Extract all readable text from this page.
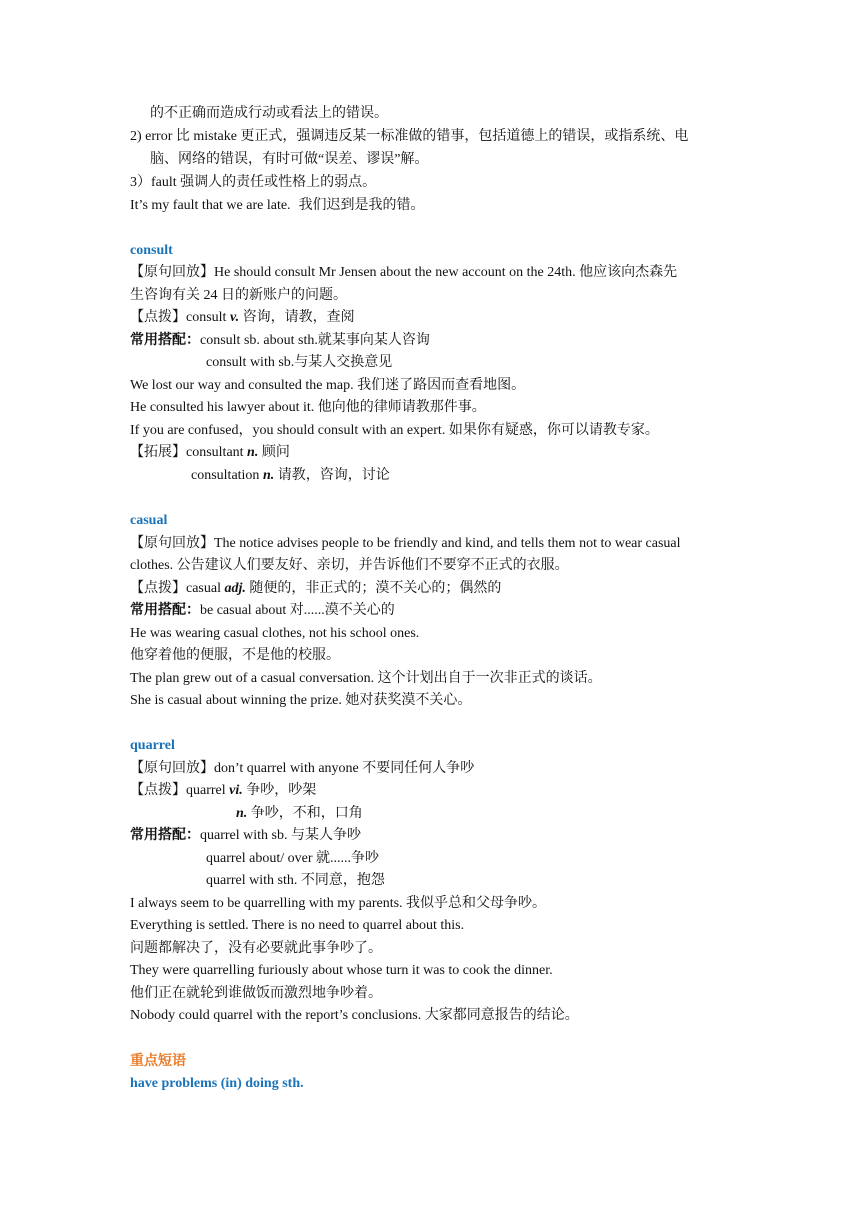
的不正确而造成行动或看法上的错误。
2) error 比 mistake 更正式，强调违反某一标准做的错事，包括道德上的错误，或指系统、电
脑、网络的错误，有时可做“误差、谬误”解。
3）fault 强调人的责任或性格上的弱点。
It’s my fault that we are late. 我们迟到是我的错。
consult
【原句回放】He should consult Mr Jensen about the new account on the 24th. 他应该向杰森先
生咨询有关 24 日的新账户的问题。
【点拨】consult v. 咨询，请教，查阅
常用搭配：consult sb. about sth.就某事向某人咨询
consult with sb.与某人交换意见
We lost our way and consulted the map. 我们迷了路因而查看地图。
He consulted his lawyer about it. 他向他的律师请教那件事。
If you are confused，you should consult with an expert. 如果你有疑惑，你可以请教专家。
【拓展】consultant n. 顾问
consultation n. 请教，咨询，讨论
casual
【原句回放】The notice advises people to be friendly and kind, and tells them not to wear casual
clothes. 公告建议人们要友好、亲切，并告诉他们不要穿不正式的衣服。
【点拨】casual adj. 随便的，非正式的；漠不关心的；偶然的
常用搭配：be casual about 对......漠不关心的
He was wearing casual clothes, not his school ones.
他穿着他的便服，不是他的校服。
The plan grew out of a casual conversation. 这个计划出自于一次非正式的谈话。
She is casual about winning the prize. 她对获奖漠不关心。
quarrel
【原句回放】don’t quarrel with anyone 不要同任何人争吵
【点拨】quarrel vi. 争吵，吵架
n. 争吵，不和，口角
常用搭配：quarrel with sb. 与某人争吵
quarrel about/ over 就......争吵
quarrel with sth. 不同意，抱怨
I always seem to be quarrelling with my parents. 我似乎总和父母争吵。
Everything is settled. There is no need to quarrel about this.
问题都解决了，没有必要就此事争吵了。
They were quarrelling furiously about whose turn it was to cook the dinner.
他们正在就轮到谁做饭而激烈地争吵着。
Nobody could quarrel with the report’s conclusions. 大家都同意报告的结论。
重点短语
have problems (in) doing sth.
